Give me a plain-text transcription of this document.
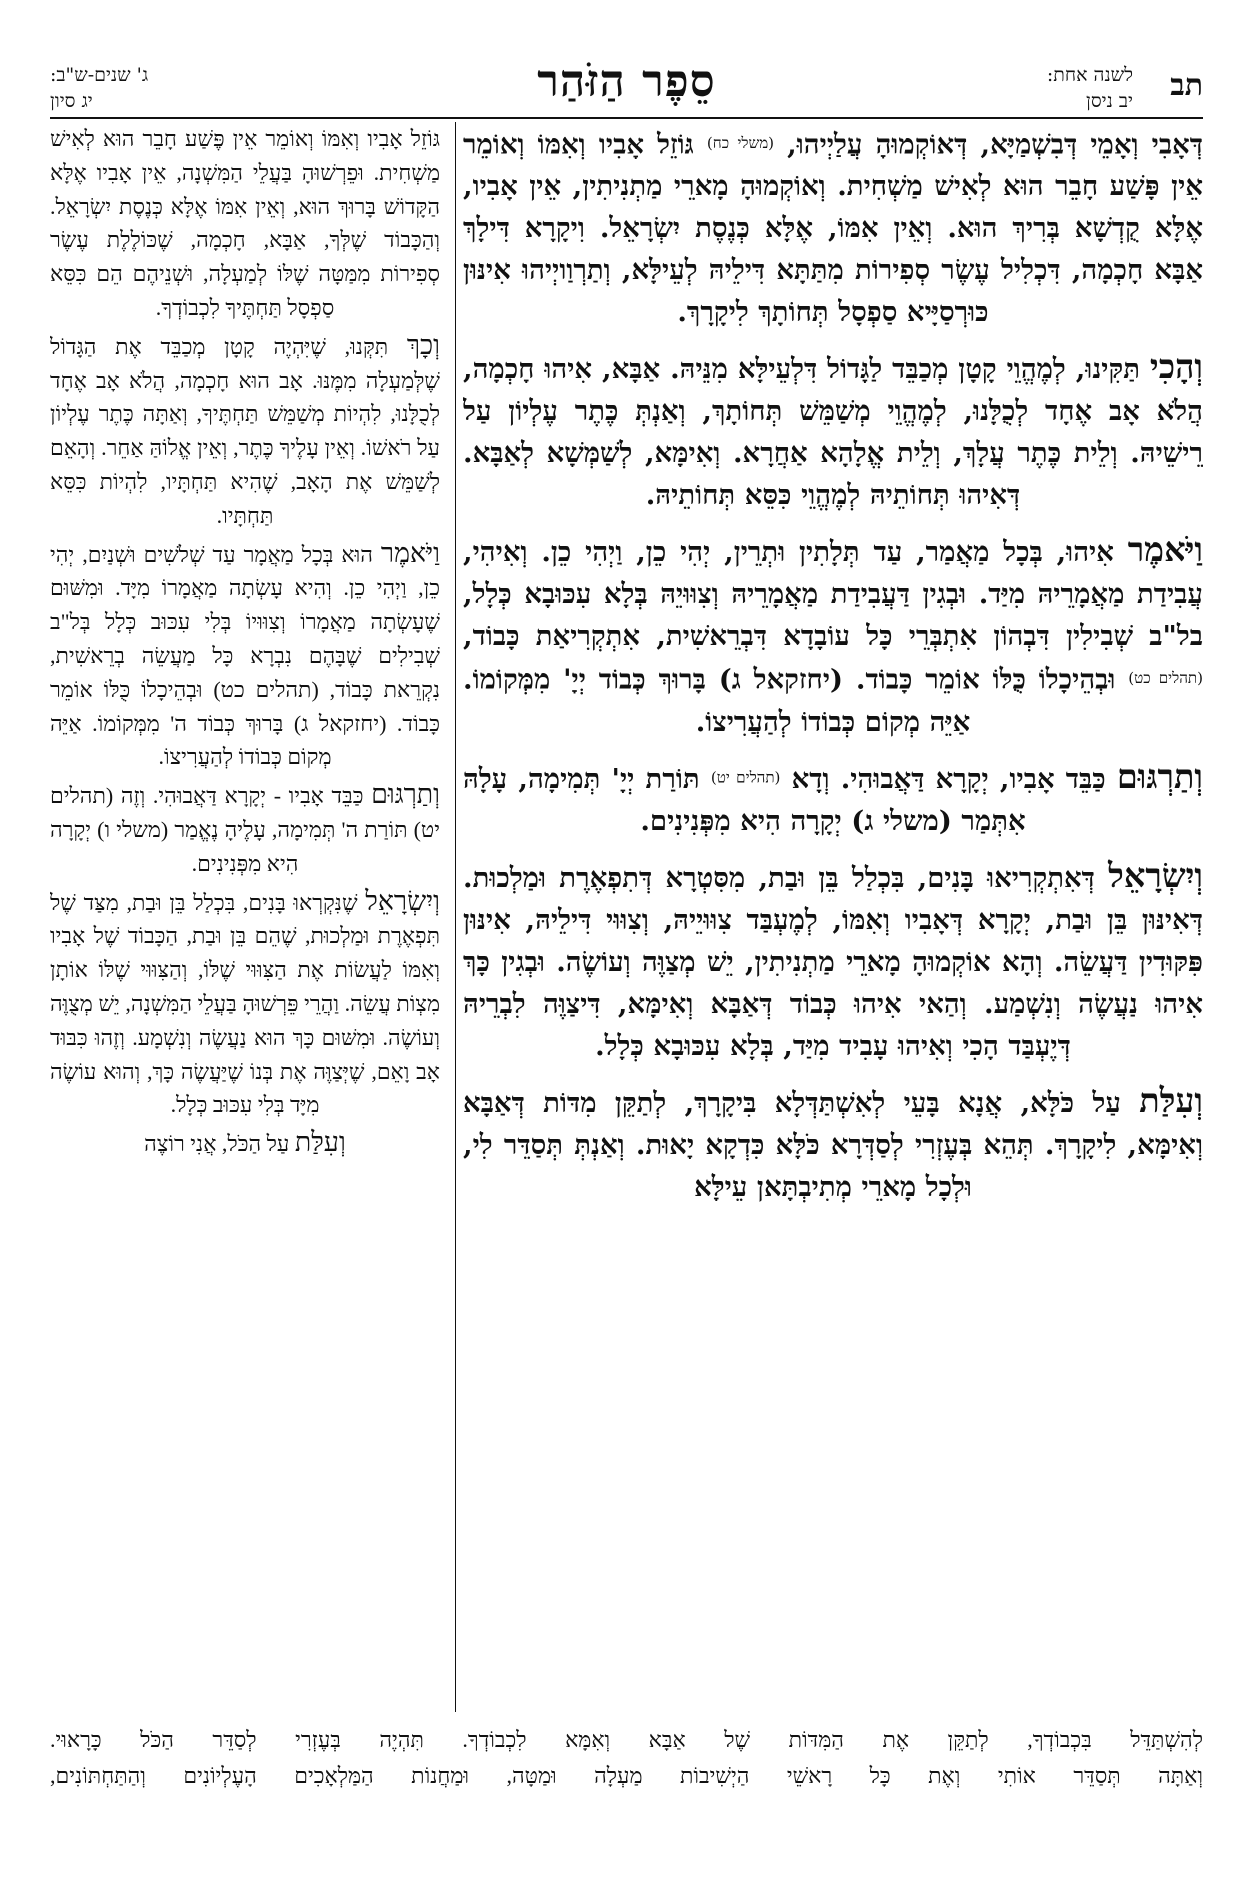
תב
לשנה אחת:
יב ניסן
סֵפֶר הַזֹּהַר
ג' שנים-ש"ב:
יג סיון

דְּאָבִי וְאָמֵי דְּבִשְׁמַיָּא, דְּאוֹקְמוּהָ עֲלַיְיהוּ, (משלי כח) גּוֹזֵל אָבִיו וְאִמּוֹ וְאוֹמֵר אֵין פָּשַׁע חָבֵר הוּא לְאִישׁ מַשְׁחִית. וְאוֹקְמוּהָ מָארֵי מַתְנִיתִין, אֵין אָבִיו, אֶלָּא קֻדְשָׁא בְּרִיךְ הוּא. וְאֵין אִמּוֹ, אֶלָּא כְּנֶסֶת יִשְׂרָאֵל. וִיקָרָא דִּילָךְ אַבָּא חָכְמָה, דִּכְלִיל עֶשֶׂר סְפִירוֹת מִתַּתָּא דִּילֵיהּ לְעֵילָּא, וְתַרְוַויְיהוּ אִינּוּן כּוּרְסַיָּיא סַפְסָל תְּחוֹתָךְ לִיקָרָךְ.

וְהָכִי תַּקִּינוּ, לְמֶהֱוֵי קָטָן מְכַבֵּד לַגָּדוֹל דִּלְעֵילָּא מִנֵּיהּ. אַבָּא, אִיהוּ חָכְמָה, הֲלֹא אָב אֶחָד לְכֻלָּנוּ, לְמֶהֱוֵי מְשַׁמֵּשׁ תְּחוֹתָךְ, וְאַנְתְּ כֶּתֶר עֶלְיוֹן עַל רֵישֵׁיהּ. וְלֵית כֶּתֶר עֲלָךְ, וְלֵית אֱלָהָא אַחֲרָא. וְאִימָּא, לְשַׁמְּשָׁא לְאַבָּא. דְּאִיהוּ תְּחוֹתֵיהּ לְמֶהֱוֵי כִּסֵּא תְּחוֹתֵיהּ.

וַיֹּאמֶר אִיהוּ, בְּכָל מַאֲמַר, עַד תְּלָתִין וּתְרֵין, יְהִי כֵן, וַיְהִי כֵן. וְאִיהִי, עֲבִידַת מַאֲמָרֵיהּ מִיַּד. וּבְגִין דַּעֲבִידַת מַאֲמָרֵיהּ וְצִוּוּיֵהּ בְּלָא עִכּוּבָא כְּלָל, בל"ב שְׁבִילִין דִּבְהוֹן אִתְבְּרֵי כָּל עוֹבָדָא דִּבְרֵאשִׁית, אִתְקְרִיאַת כָּבוֹד, (תהלים כט) וּבְהֵיכָלוֹ כֻּלּוֹ אוֹמֵר כָּבוֹד. (יחזקאל ג) בָּרוּךְ כְּבוֹד יְיָ' מִמְּקוֹמוֹ. אַיֵּה מְקוֹם כְּבוֹדוֹ לְהַעֲרִיצוֹ.

וְתַרְגּוּם כַּבֵּד אָבִיו, יְקָרָא דַּאֲבוּהִי. וְדָא (תהלים יט) תּוֹרַת יְיָ' תְּמִימָה, עָלָהּ אִתְּמַר (משלי ג) יְקָרָה הִיא מִפְּנִינִים.

וְיִשְׂרָאֵל דְּאִתְקְרִיאוּ בָּנִים, בִּכְלַל בֵּן וּבַת, מִסִּטְרָא דְּתִפְאֶרֶת וּמַלְכוּת. דְּאִינּוּן בֵּן וּבַת, יְקָרָא דְּאָבִיו וְאִמּוֹ, לְמֶעְבַּד צִוּוּיֵיהּ, וְצִוּוּי דִּילֵיהּ, אִינּוּן פִּקּוּדִין דַּעֲשֵׂה. וְהָא אוֹקְמוּהָ מָארֵי מַתְנִיתִין, יֵשׁ מְצַוֶּה וְעוֹשֶׂה. וּבְגִין כָּךְ אִיהוּ נַעֲשֶׂה וְנִשְׁמַע. וְהַאי אִיהוּ כְּבוֹד דְּאַבָּא וְאִימָּא, דִּיצַוֶּה לִבְרֵיהּ דְּיֶעְבַּד הָכִי וְאִיהוּ עָבִיד מִיַּד, בְּלָא עִכּוּבָא כְּלָל.

וְעִלַּת עַל כֹּלָּא, אֲנָא בָּעֵי לְאִשְׁתַּדְּלָא בִּיקָרָךְ, לְתַקֵּן מִדּוֹת דְּאַבָּא וְאִימָּא, לִיקָרָךְ. תְּהֵא בְּעֶזְרִי לְסַדְּרָא כֹּלָּא כִּדְקָא יָאוּת. וְאַנְתְּ תְּסַדֵּר לִי, וּלְכָל מָארֵי מְתִיבְתָּאן עֵילָּא

גּוֹזֵל אָבִיו וְאִמּוֹ וְאוֹמֵר אֵין פֶּשַׁע חָבֵר הוּא לְאִישׁ מַשְׁחִית. וּפֵרְשׁוּהָ בַּעֲלֵי הַמִּשְׁנָה, אֵין אָבִיו אֶלָּא הַקָּדוֹשׁ בָּרוּךְ הוּא, וְאֵין אִמּוֹ אֶלָּא כְּנֶסֶת יִשְׂרָאֵל. וְהַכָּבוֹד שֶׁלְּךָ, אַבָּא, חָכְמָה, שֶׁכּוֹלֶלֶת עֶשֶׂר סְפִירוֹת מִמַּטָּה שֶׁלּוֹ לְמַעְלָה, וּשְׁנֵיהֶם הֵם כִּסֵּא סַפְסָל תַּחְתֶּיךָ לִכְבוֹדְךָ.

וְכָךְ תִּקְּנוּ, שֶׁיִּהְיֶה קָטָן מְכַבֵּד אֶת הַגָּדוֹל שֶׁלְּמַעְלָה מִמֶּנּוּ. אָב הוּא חָכְמָה, הֲלֹא אָב אֶחָד לְכֻלָּנוּ, לִהְיוֹת מְשַׁמֵּשׁ תַּחְתֶּיךָ, וְאַתָּה כֶּתֶר עֶלְיוֹן עַל רֹאשׁוֹ. וְאֵין עָלֶיךָ כֶּתֶר, וְאֵין אֱלוֹהַּ אַחֵר. וְהָאֵם לְשַׁמֵּשׁ אֶת הָאָב, שֶׁהִיא תַּחְתָּיו, לִהְיוֹת כִּסֵּא תַּחְתָּיו.

וַיֹּאמֶר הוּא בְּכָל מַאֲמָר עַד שְׁלֹשִׁים וּשְׁנַיִם, יְהִי כֵן, וַיְהִי כֵן. וְהִיא עָשְׂתָה מַאֲמָרוֹ מִיָּד. וּמִשּׁוּם שֶׁעָשְׂתָה מַאֲמָרוֹ וְצִוּוּיוֹ בְּלִי עִכּוּב כְּלָל בְּל"ב שְׁבִילִים שֶׁבָּהֶם נִבְרָא כָּל מַעֲשֵׂה בְרֵאשִׁית, נִקְרֵאת כָּבוֹד, (תהלים כט) וּבְהֵיכָלוֹ כֻּלּוֹ אוֹמֵר כָּבוֹד. (יחזקאל ג) בָּרוּךְ כְּבוֹד ה' מִמְּקוֹמוֹ. אַיֵּה מְקוֹם כְּבוֹדוֹ לְהַעֲרִיצוֹ.

וְתַרְגּוּם כַּבֵּד אָבִיו - יְקָרָא דַּאֲבוּהִי. וְזֶה (תהלים יט) תּוֹרַת ה' תְּמִימָה, עָלֶיהָ נֶאֱמַר (משלי ו) יְקָרָה הִיא מִפְּנִינִים.

וְיִשְׂרָאֵל שֶׁנִּקְרְאוּ בָּנִים, בִּכְלַל בֵּן וּבַת, מִצַּד שֶׁל תִּפְאֶרֶת וּמַלְכוּת, שֶׁהֵם בֵּן וּבַת, הַכָּבוֹד שֶׁל אָבִיו וְאִמּוֹ לַעֲשׂוֹת אֶת הַצִּוּוּי שֶׁלּוֹ, וְהַצִּוּוּי שֶׁלּוֹ אוֹתָן מִצְוֹת עֲשֵׂה. וַהֲרֵי פֵּרְשׁוּהָ בַּעֲלֵי הַמִּשְׁנָה, יֵשׁ מְצֻוֶּה וְעוֹשֶׂה. וּמִשּׁוּם כָּךְ הוּא נַעֲשֶׂה וְנִשְׁמָע. וְזֶהוּ כִּבּוּד אָב וָאֵם, שֶׁיְּצַוֶּה אֶת בְּנוֹ שֶׁיַּעֲשֶׂה כָּךְ, וְהוּא עוֹשֶׂה מִיָּד בְּלִי עִכּוּב כְּלָל.

וְעִלַּת עַל הַכֹּל, אֲנִי רוֹצֶה

לְהִשְׁתַּדֵּל בִּכְבוֹדְךָ, לְתַקֵּן אֶת הַמִּדּוֹת שֶׁל אַבָּא וְאִמָּא לִכְבוֹדְךָ. תִּהְיֶה בְּעֶזְרִי לְסַדֵּר הַכֹּל כָּרָאוּי.
וְאַתָּה תְּסַדֵּר אוֹתִי וְאֶת כָּל רָאשֵׁי הַיְשִׁיבוֹת מַעְלָה וּמַטָּה, וּמַחֲנוֹת הַמַּלְאָכִים הָעֶלְיוֹנִים וְהַתַּחְתּוֹנִים,
